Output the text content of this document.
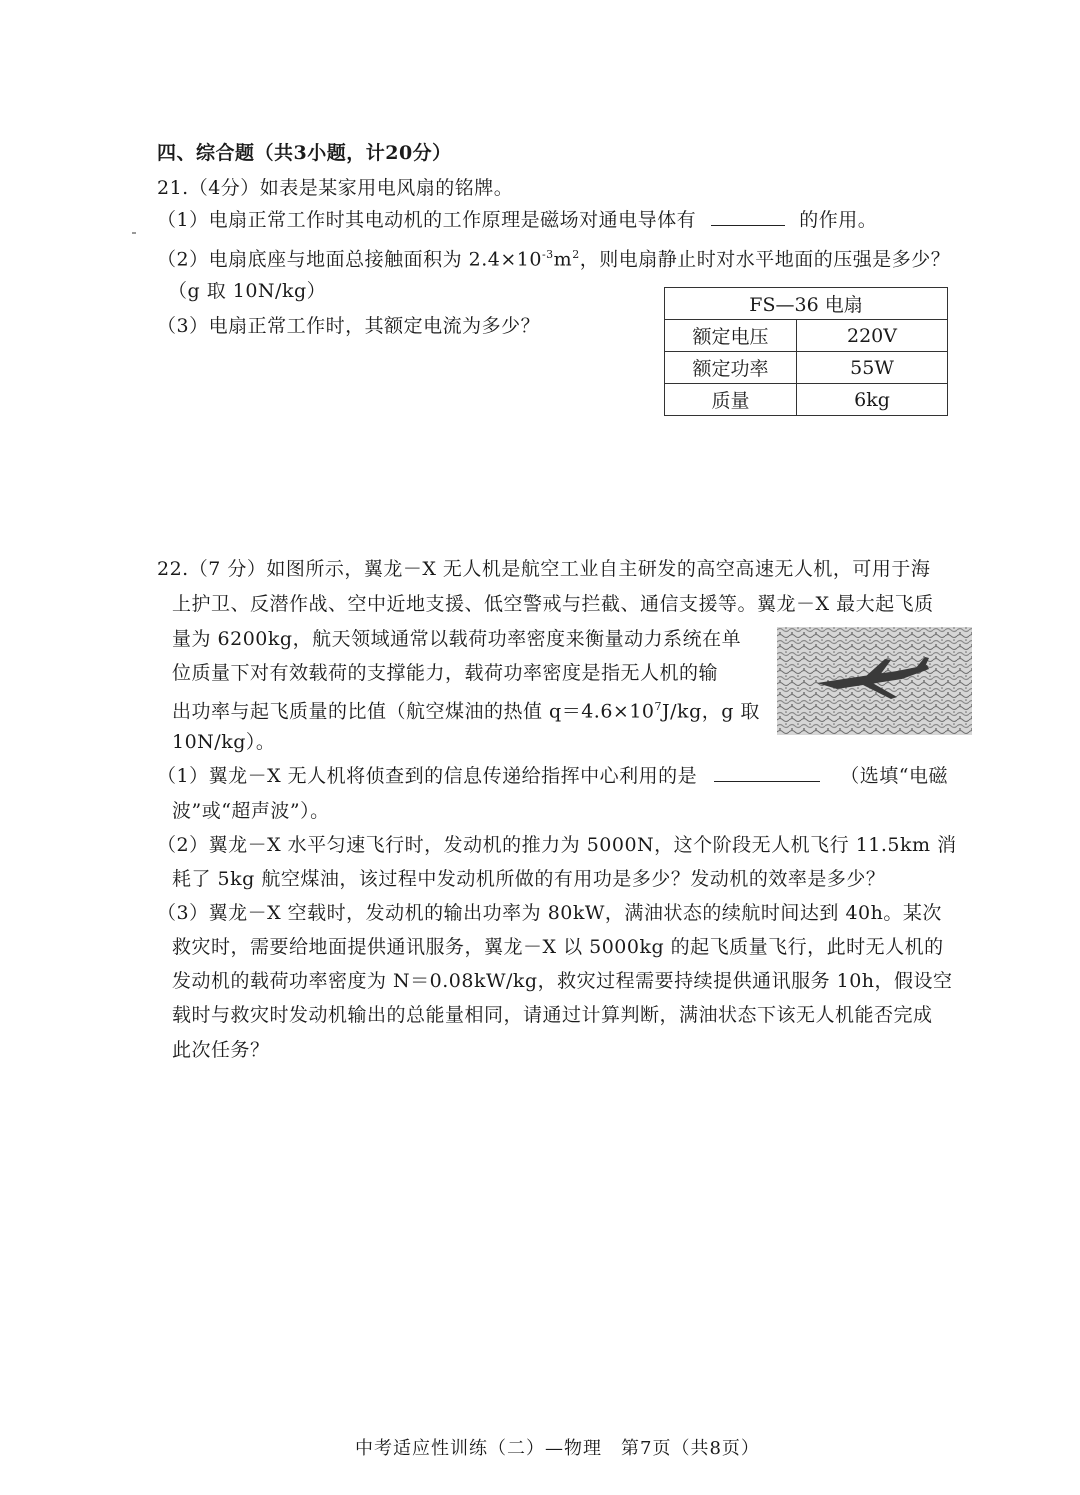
四、综合题（共3小题，计20分）
21.（4分）如表是某家用电风扇的铭牌。
（1）电扇正常工作时其电动机的工作原理是磁场对通电导体有	的作用。
（2）电扇底座与地面总接触面积为 $2.4\times 10^{-3}m^2$，则电扇静止时对水平地面的压强是多少？
（g 取 10N/kg）
（3）电扇正常工作时，其额定电流为多少？
FS—36 电扇	
额定电压	220V
额定功率	55W
质量	6kg
22.（7 分）如图所示，翼龙－X 无人机是航空工业自主研发的高空高速无人机，可用于海
上护卫、反潜作战、空中近地支援、低空警戒与拦截、通信支援等。翼龙－X 最大起飞质
量为 6200kg，航天领域通常以载荷功率密度来衡量动力系统在单
位质量下对有效载荷的支撑能力，载荷功率密度是指无人机的输
出功率与起飞质量的比值（航空煤油的热值 $q=4.6\times 10^7J/kg$，g 取
10N/kg）。
（1）翼龙－X 无人机将侦查到的信息传递给指挥中心利用的是	（选填“电磁
波”或“超声波”）。
（2）翼龙－X 水平匀速飞行时，发动机的推力为 5000N，这个阶段无人机飞行 11.5km 消
耗了 5kg 航空煤油，该过程中发动机所做的有用功是多少？发动机的效率是多少？
（3）翼龙－X 空载时，发动机的输出功率为 80kW，满油状态的续航时间达到 40h。某次
救灾时，需要给地面提供通讯服务，翼龙－X 以 5000kg 的起飞质量飞行，此时无人机的
发动机的载荷功率密度为 N＝0.08kW/kg，救灾过程需要持续提供通讯服务 10h，假设空
载时与救灾时发动机输出的总能量相同，请通过计算判断，满油状态下该无人机能否完成
此次任务？
中考适应性训练（二）—物理　第7页（共8页）
